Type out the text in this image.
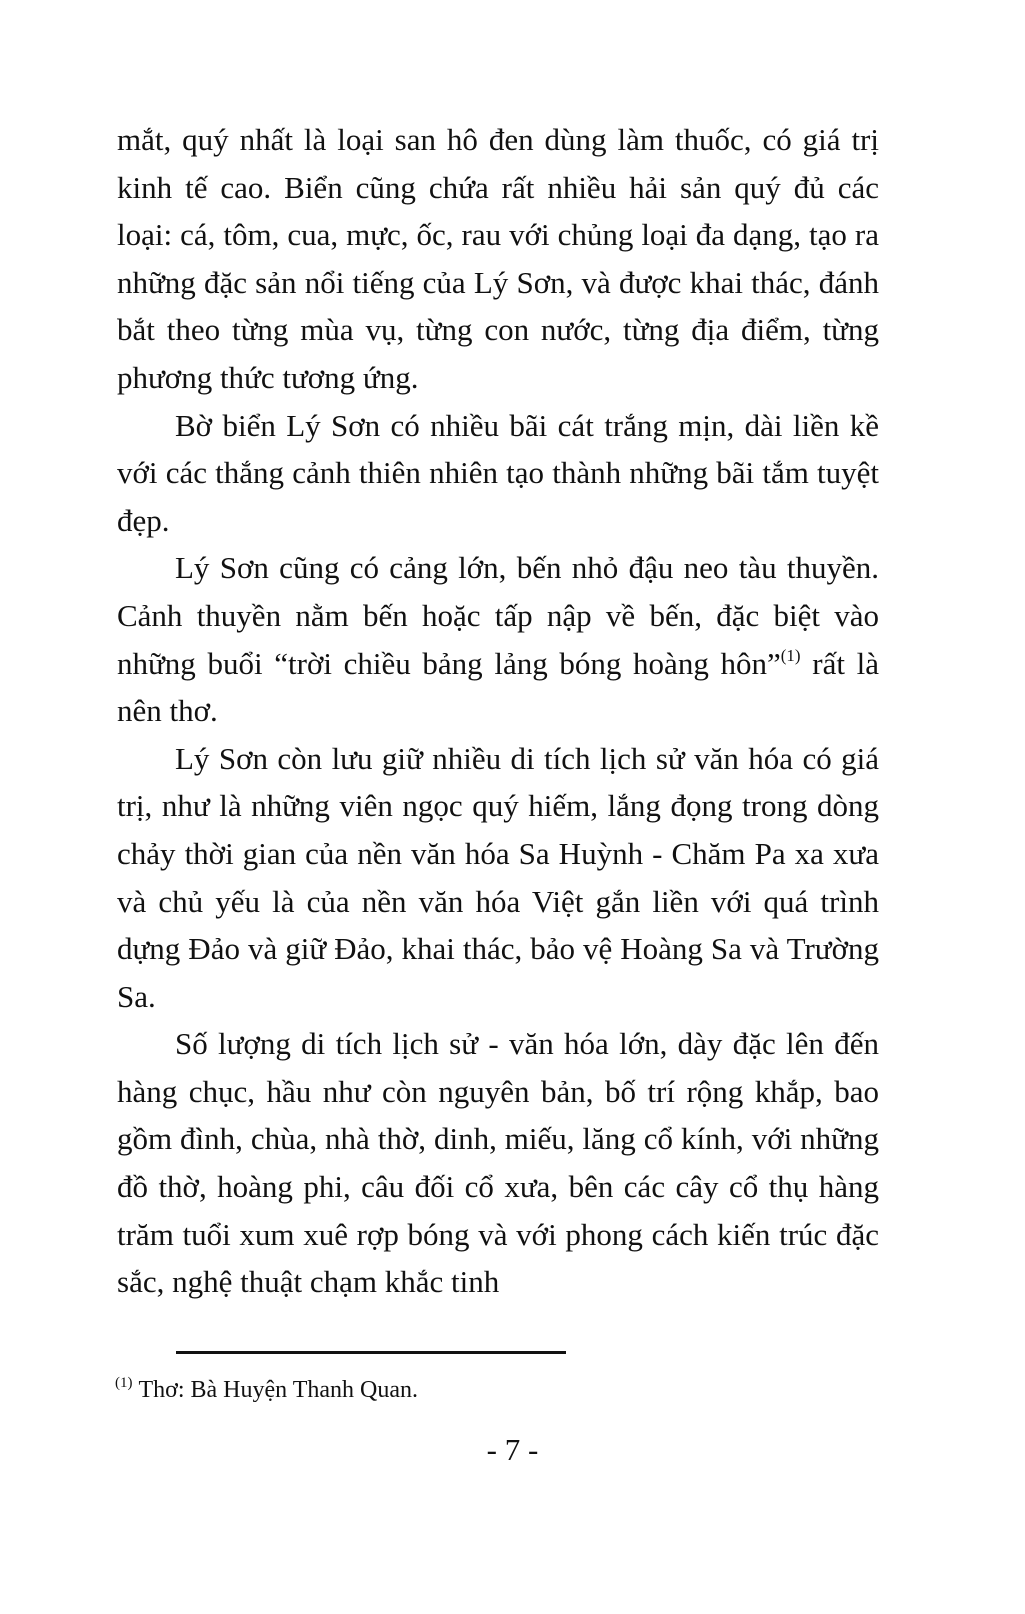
mắt, quý nhất là loại san hô đen dùng làm thuốc, có giá trị kinh tế cao. Biển cũng chứa rất nhiều hải sản quý đủ các loại: cá, tôm, cua, mực, ốc, rau với chủng loại đa dạng, tạo ra những đặc sản nổi tiếng của Lý Sơn, và được khai thác, đánh bắt theo từng mùa vụ, từng con nước, từng địa điểm, từng phương thức tương ứng.

Bờ biển Lý Sơn có nhiều bãi cát trắng mịn, dài liền kề với các thắng cảnh thiên nhiên tạo thành những bãi tắm tuyệt đẹp.

Lý Sơn cũng có cảng lớn, bến nhỏ đậu neo tàu thuyền. Cảnh thuyền nằm bến hoặc tấp nập về bến, đặc biệt vào những buổi “trời chiều bảng lảng bóng hoàng hôn”$^{(1)}$ rất là nên thơ.

Lý Sơn còn lưu giữ nhiều di tích lịch sử văn hóa có giá trị, như là những viên ngọc quý hiếm, lắng đọng trong dòng chảy thời gian của nền văn hóa Sa Huỳnh - Chăm Pa xa xưa và chủ yếu là của nền văn hóa Việt gắn liền với quá trình dựng Đảo và giữ Đảo, khai thác, bảo vệ Hoàng Sa và Trường Sa.

Số lượng di tích lịch sử - văn hóa lớn, dày đặc lên đến hàng chục, hầu như còn nguyên bản, bố trí rộng khắp, bao gồm đình, chùa, nhà thờ, dinh, miếu, lăng cổ kính, với những đồ thờ, hoàng phi, câu đối cổ xưa, bên các cây cổ thụ hàng trăm tuổi xum xuê rợp bóng và với phong cách kiến trúc đặc sắc, nghệ thuật chạm khắc tinh

$^{(1)}$ Thơ: Bà Huyện Thanh Quan.
- 7 -
